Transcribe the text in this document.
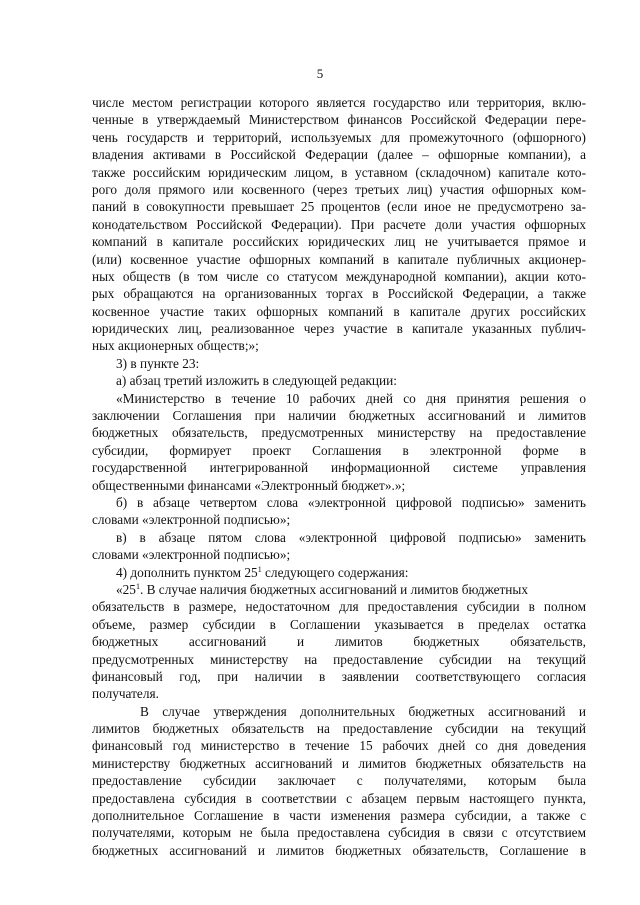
5
числе местом регистрации которого является государство или территория, вклю-
ченные в утверждаемый Министерством финансов Российской Федерации пере-
чень государств и территорий, используемых для промежуточного (офшорного)
владения активами в Российской Федерации (далее – офшорные компании), а
также российским юридическим лицом, в уставном (складочном) капитале кото-
рого доля прямого или косвенного (через третьих лиц) участия офшорных ком-
паний в совокупности превышает 25 процентов (если иное не предусмотрено за-
конодательством Российской Федерации). При расчете доли участия офшорных
компаний в капитале российских юридических лиц не учитывается прямое и
(или) косвенное участие офшорных компаний в капитале публичных акционер-
ных обществ (в том числе со статусом международной компании), акции кото-
рых обращаются на организованных торгах в Российской Федерации, а также
косвенное участие таких офшорных компаний в капитале других российских
юридических лиц, реализованное через участие в капитале указанных публич-
ных акционерных обществ;»;
3) в пункте 23:
а) абзац третий изложить в следующей редакции:
«Министерство в течение 10 рабочих дней со дня принятия решения о
заключении Соглашения при наличии бюджетных ассигнований и лимитов
бюджетных обязательств, предусмотренных министерству на предоставление
субсидии, формирует проект Соглашения в электронной форме в
государственной интегрированной информационной системе управления
общественными финансами «Электронный бюджет».»;
б) в абзаце четвертом слова «электронной цифровой подписью» заменить
словами «электронной подписью»;
в) в абзаце пятом слова «электронной цифровой подписью» заменить
словами «электронной подписью»;
4) дополнить пунктом $25^1$ следующего содержания:
«$25^1$. В случае наличия бюджетных ассигнований и лимитов бюджетных
обязательств в размере, недостаточном для предоставления субсидии в полном
объеме, размер субсидии в Соглашении указывается в пределах остатка
бюджетных ассигнований и лимитов бюджетных обязательств,
предусмотренных министерству на предоставление субсидии на текущий
финансовый год, при наличии в заявлении соответствующего согласия
получателя.
В случае утверждения дополнительных бюджетных ассигнований и
лимитов бюджетных обязательств на предоставление субсидии на текущий
финансовый год министерство в течение 15 рабочих дней со дня доведения
министерству бюджетных ассигнований и лимитов бюджетных обязательств на
предоставление субсидии заключает с получателями, которым была
предоставлена субсидия в соответствии с абзацем первым настоящего пункта,
дополнительное Соглашение в части изменения размера субсидии, а также с
получателями, которым не была предоставлена субсидия в связи с отсутствием
бюджетных ассигнований и лимитов бюджетных обязательств, Соглашение в
